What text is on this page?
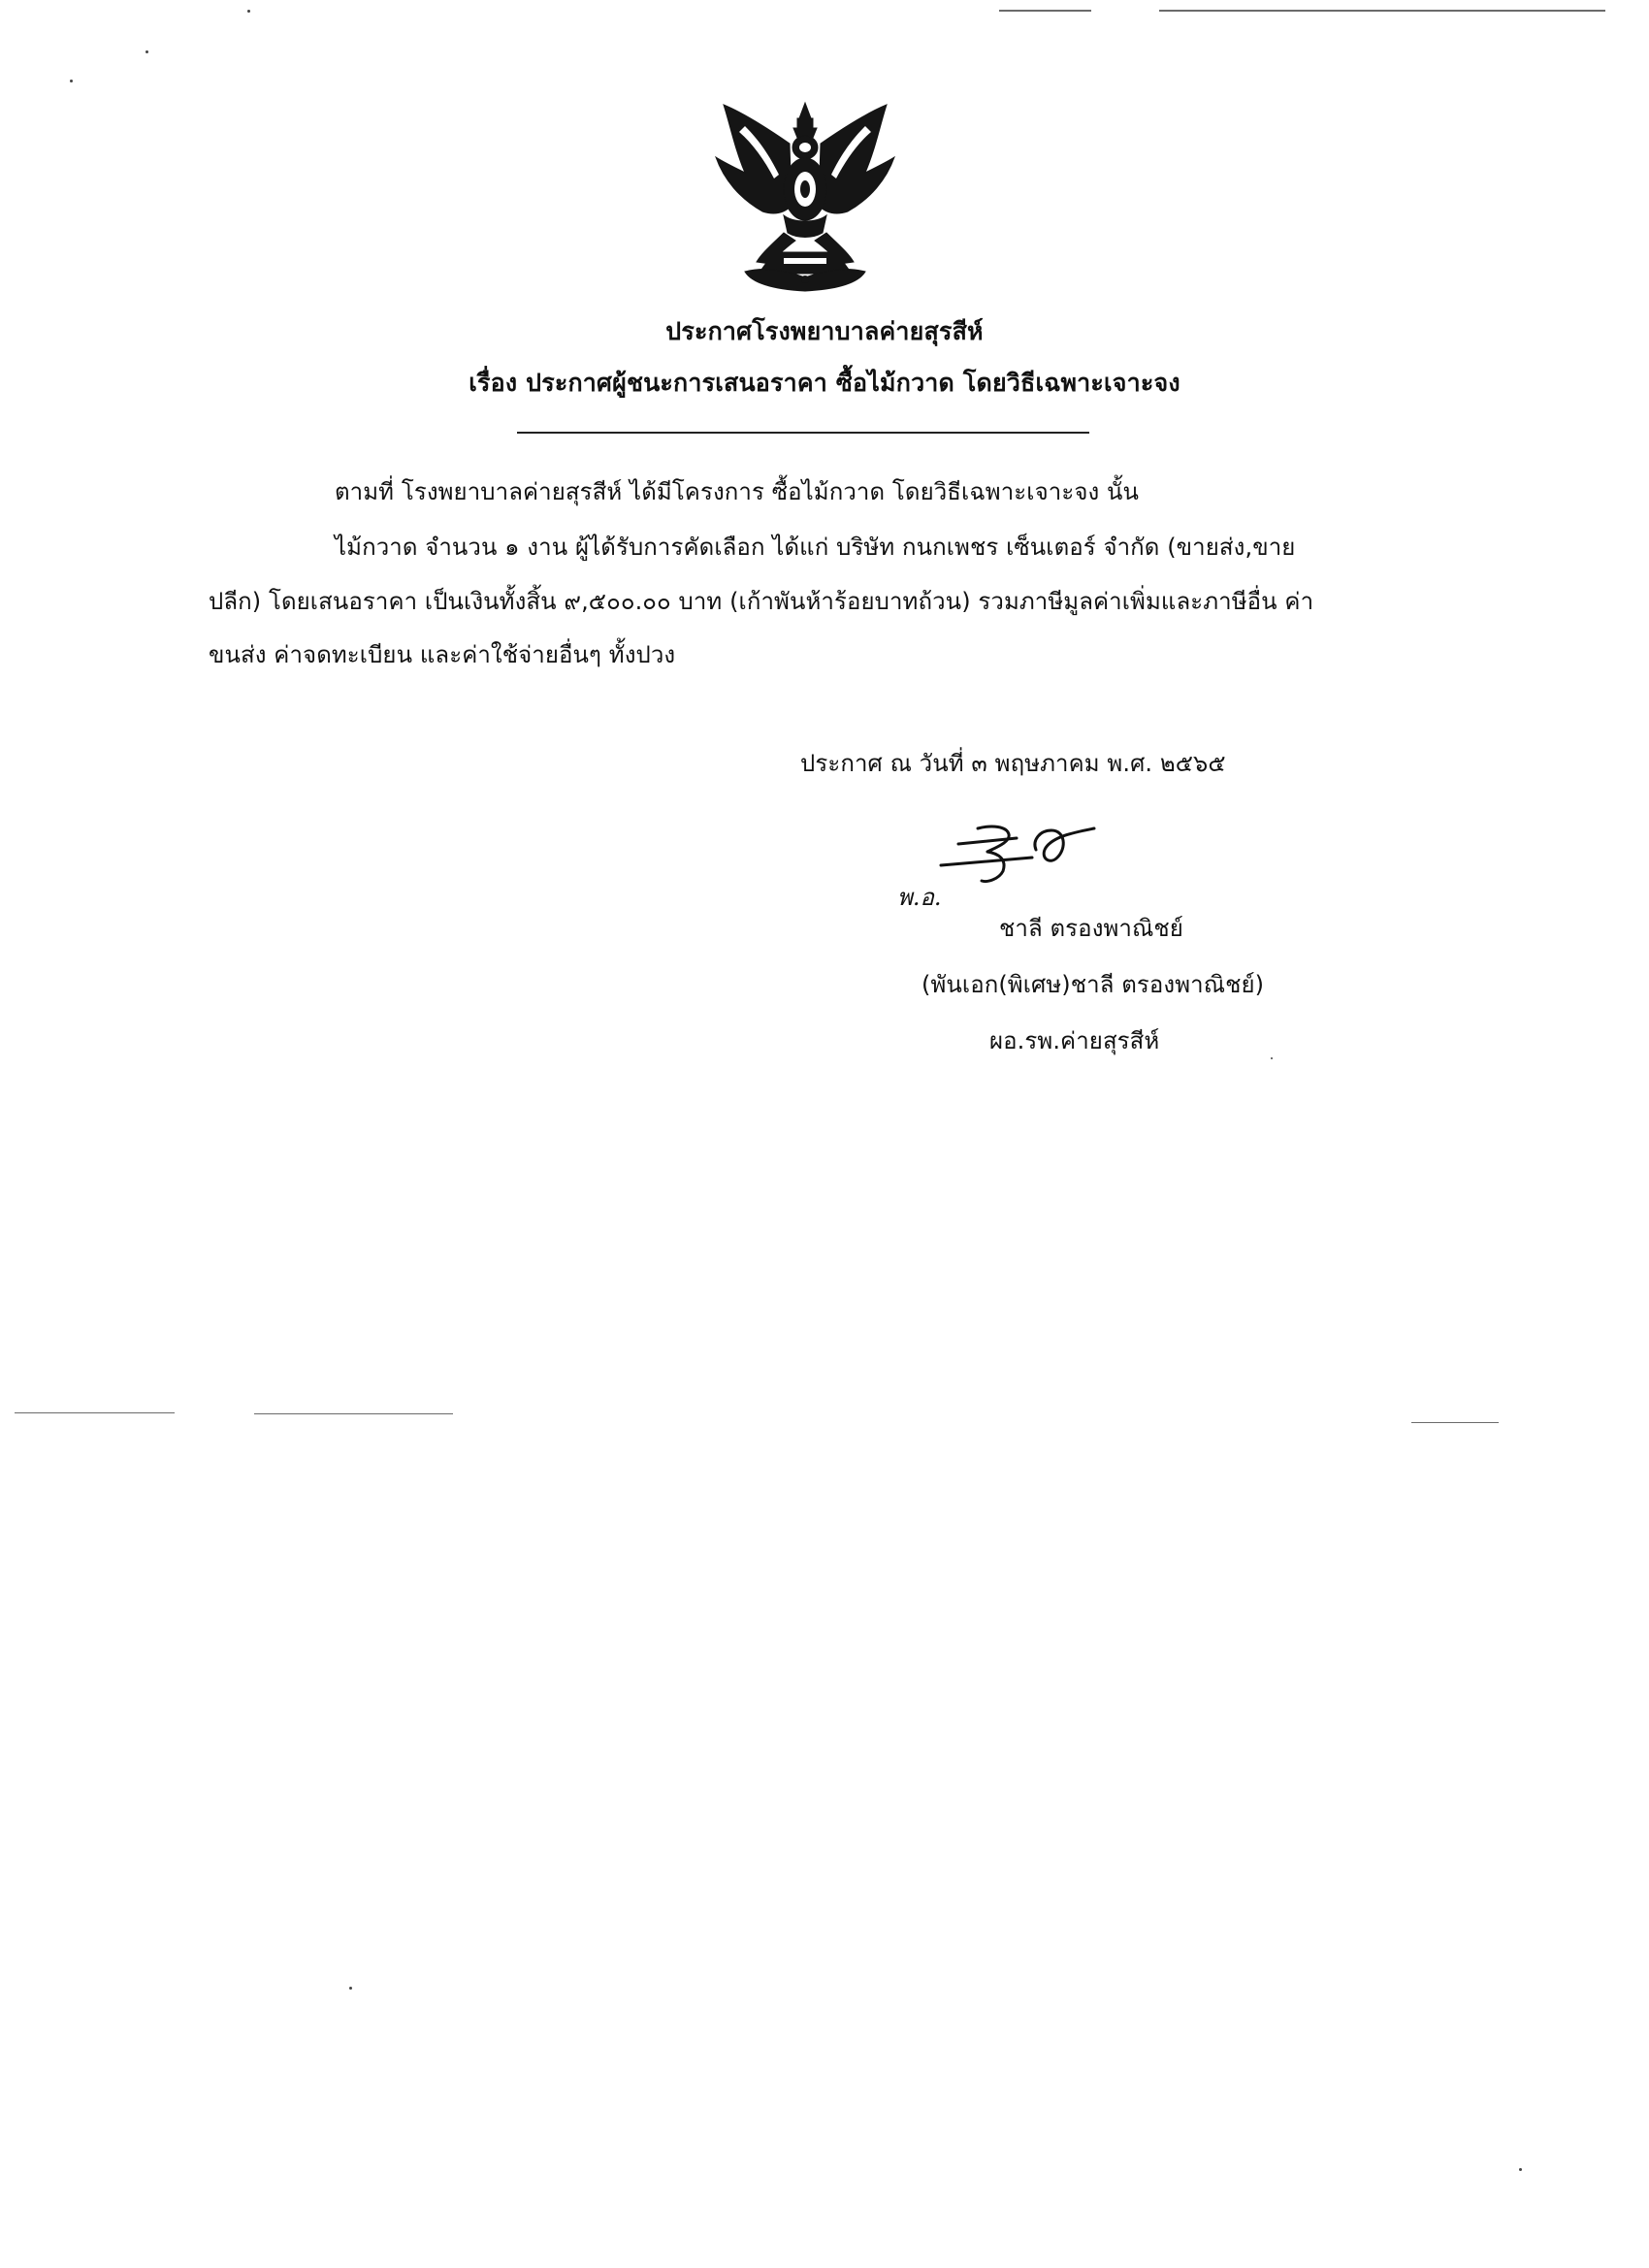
ประกาศโรงพยาบาลค่ายสุรสีห์
เรื่อง ประกาศผู้ชนะการเสนอราคา ซื้อไม้กวาด โดยวิธีเฉพาะเจาะจง
ตามที่ โรงพยาบาลค่ายสุรสีห์ ได้มีโครงการ ซื้อไม้กวาด โดยวิธีเฉพาะเจาะจง นั้น
ไม้กวาด จำนวน ๑ งาน ผู้ได้รับการคัดเลือก ได้แก่ บริษัท กนกเพชร เซ็นเตอร์ จำกัด (ขายส่ง,ขาย
ปลีก) โดยเสนอราคา เป็นเงินทั้งสิ้น ๙,๕๐๐.๐๐ บาท (เก้าพันห้าร้อยบาทถ้วน) รวมภาษีมูลค่าเพิ่มและภาษีอื่น ค่า
ขนส่ง ค่าจดทะเบียน และค่าใช้จ่ายอื่นๆ ทั้งปวง
ประกาศ ณ วันที่ ๓ พฤษภาคม พ.ศ. ๒๕๖๕
พ.อ.
ชาลี ตรองพาณิชย์
(พันเอก(พิเศษ)ชาลี ตรองพาณิชย์)
ผอ.รพ.ค่ายสุรสีห์
